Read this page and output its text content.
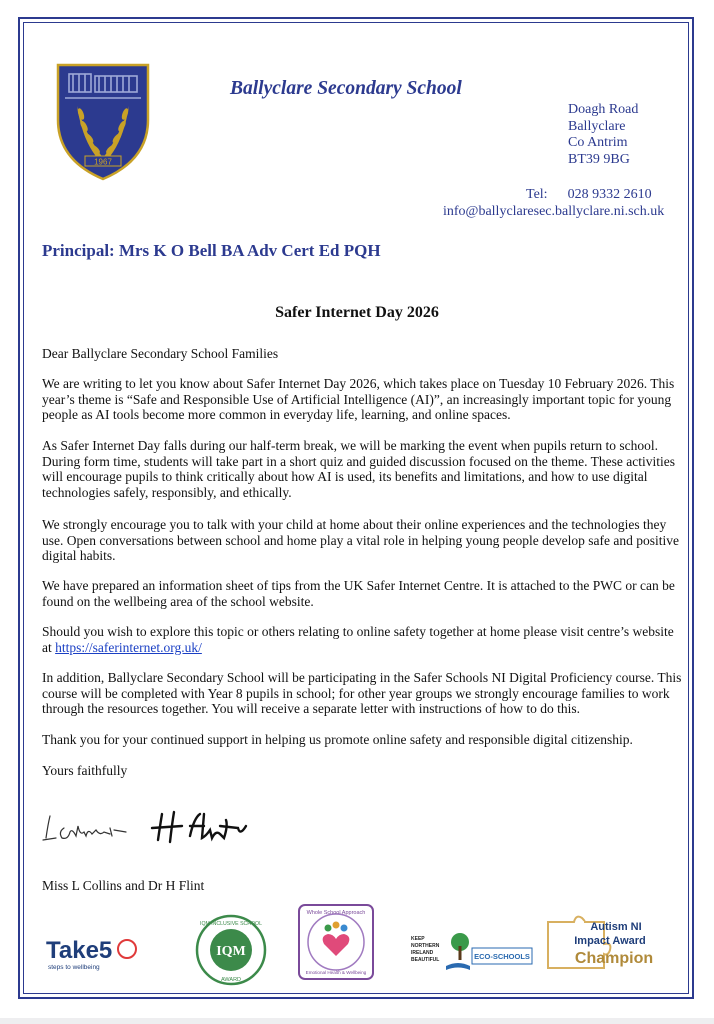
1967
Ballyclare Secondary School
Doagh Road
Ballyclare
Co Antrim
BT39 9BG
Tel: 028 9332 2610
info@ballyclaresec.ballyclare.ni.sch.uk
Principal: Mrs K O Bell BA Adv Cert Ed PQH
Safer Internet Day 2026

Dear Ballyclare Secondary School Families

We are writing to let you know about Safer Internet Day 2026, which takes place on Tuesday 10 February 2026. This

year’s theme is “Safe and Responsible Use of Artificial Intelligence (AI)”, an increasingly important topic for young

people as AI tools become more common in everyday life, learning, and online spaces.

As Safer Internet Day falls during our half-term break, we will be marking the event when pupils return to school.

During form time, students will take part in a short quiz and guided discussion focused on the theme. These activities

will encourage pupils to think critically about how AI is used, its benefits and limitations, and how to use digital

technologies safely, responsibly, and ethically.

We strongly encourage you to talk with your child at home about their online experiences and the technologies they

use. Open conversations between school and home play a vital role in helping young people develop safe and positive

digital habits.

We have prepared an information sheet of tips from the UK Safer Internet Centre. It is attached to the PWC or can be

found on the wellbeing area of the school website.

Should you wish to explore this topic or others relating to online safety together at home please visit centre’s website

at https://saferinternet.org.uk/

In addition, Ballyclare Secondary School will be participating in the Safer Schools NI Digital Proficiency course. This

course will be completed with Year 8 pupils in school; for other year groups we strongly encourage families to work

through the resources together. You will receive a separate letter with instructions of how to do this.

Thank you for your continued support in helping us promote online safety and responsible digital citizenship.

Yours faithfully

Miss L Collins and Dr H Flint
Take5
steps to wellbeing
IQM
IQM INCLUSIVE SCHOOL
AWARD
Whole School Approach
Emotional Health & Wellbeing
KEEP
NORTHERN
IRELAND
BEAUTIFUL	ECO-SCHOOLS
Autism NI
Impact Award
Champion
